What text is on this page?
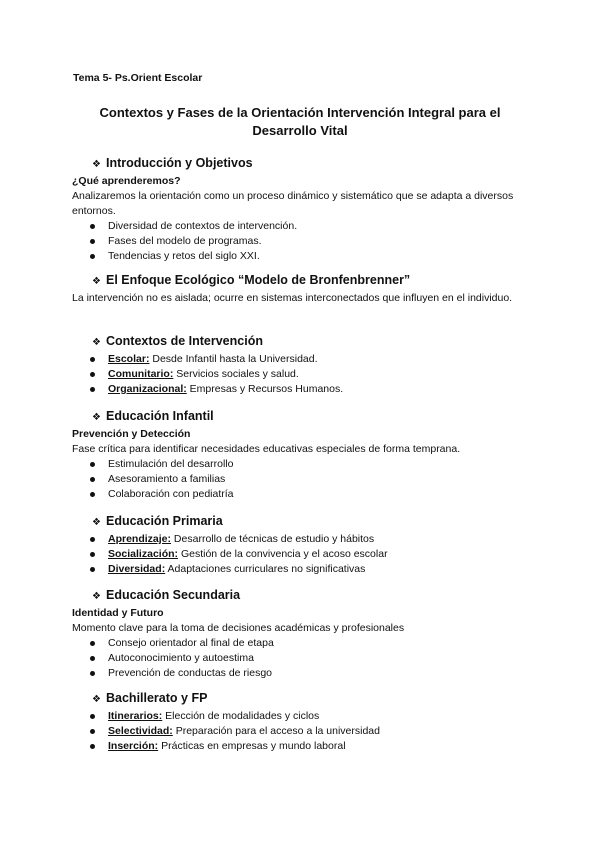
Tema 5- Ps.Orient Escolar
Contextos y Fases de la Orientación Intervención Integral para el
Desarrollo Vital
❖ Introducción y Objetivos
¿Qué aprenderemos?
Analizaremos la orientación como un proceso dinámico y sistemático que se adapta a diversos entornos.
Diversidad de contextos de intervención.
Fases del modelo de programas.
Tendencias y retos del siglo XXI.
❖ El Enfoque Ecológico “Modelo de Bronfenbrenner”
La intervención no es aislada; ocurre en sistemas interconectados que influyen en el individuo.
❖ Contextos de Intervención
Escolar: Desde Infantil hasta la Universidad.
Comunitario: Servicios sociales y salud.
Organizacional: Empresas y Recursos Humanos.
❖ Educación Infantil
Prevención y Detección
Fase crítica para identificar necesidades educativas especiales de forma temprana.
Estimulación del desarrollo
Asesoramiento a familias
Colaboración con pediatría
❖ Educación Primaria
Aprendizaje: Desarrollo de técnicas de estudio y hábitos
Socialización: Gestión de la convivencia y el acoso escolar
Diversidad: Adaptaciones curriculares no significativas
❖ Educación Secundaria
Identidad y Futuro
Momento clave para la toma de decisiones académicas y profesionales
Consejo orientador al final de etapa
Autoconocimiento y autoestima
Prevención de conductas de riesgo
❖ Bachillerato y FP
Itinerarios: Elección de modalidades y ciclos
Selectividad: Preparación para el acceso a la universidad
Inserción: Prácticas en empresas y mundo laboral
